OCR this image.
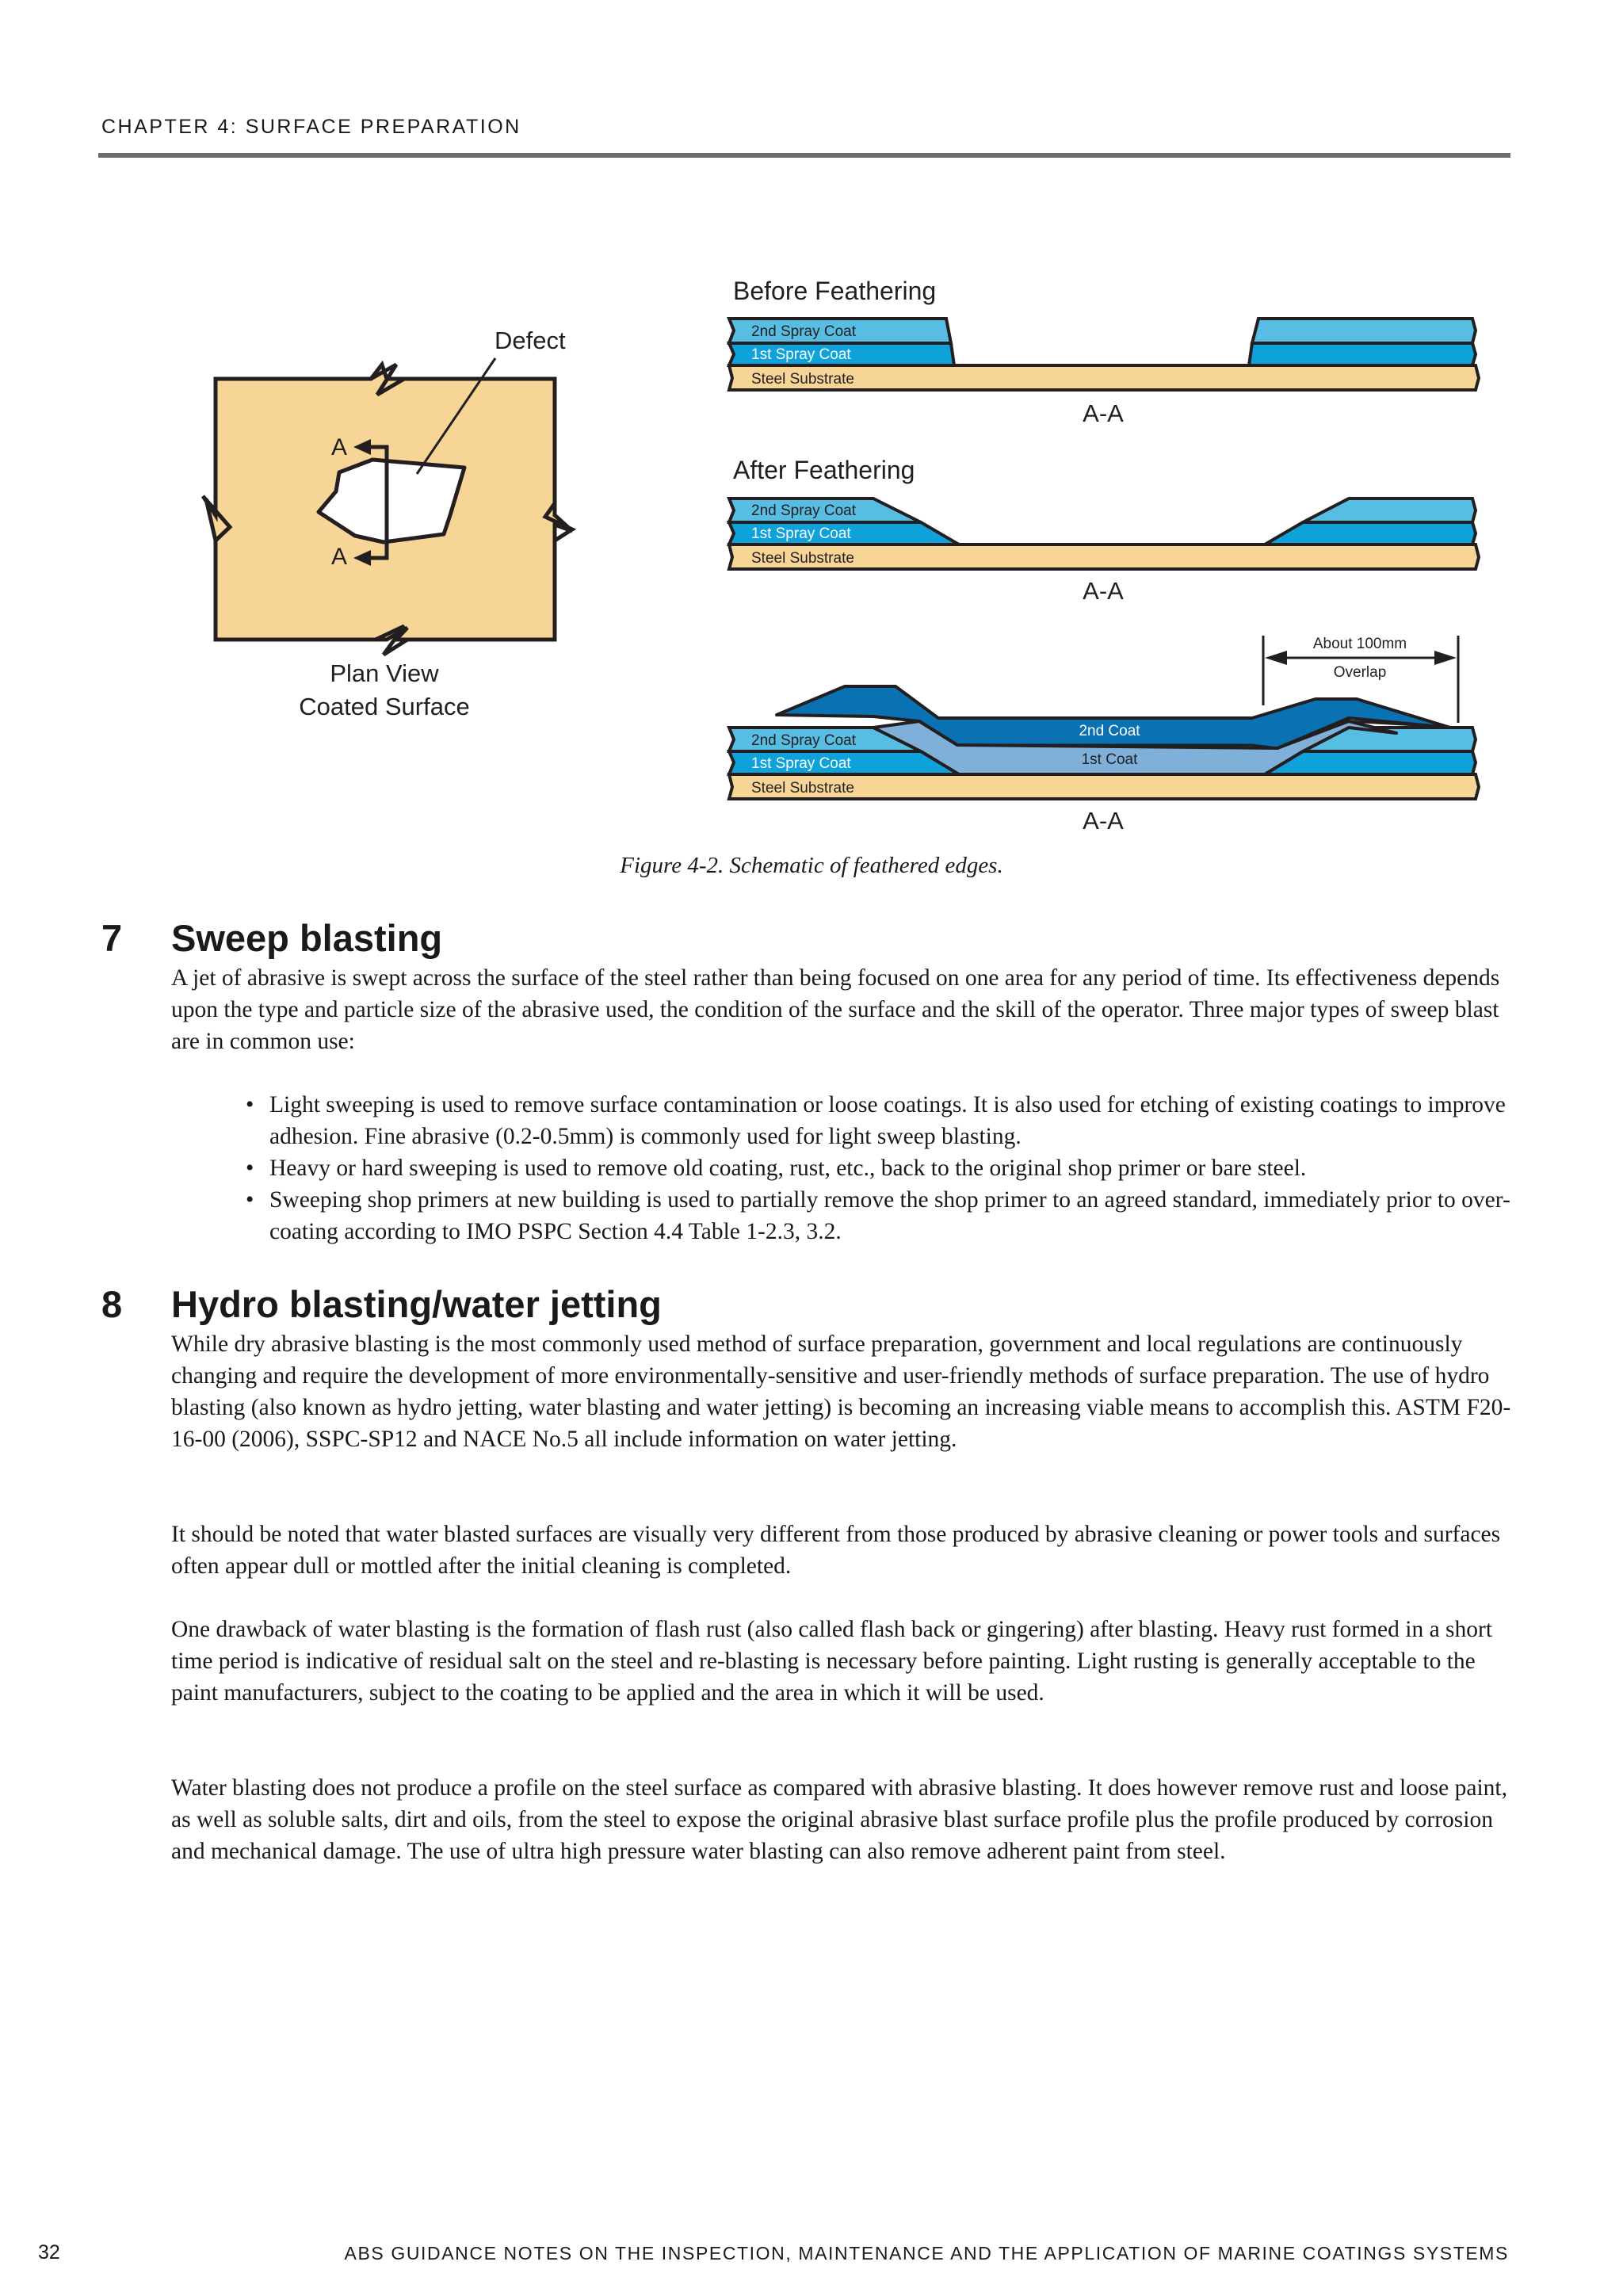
CHAPTER 4: SURFACE PREPARATION
A
A
Defect
Plan View
Coated Surface
Before Feathering
2nd Spray Coat
1st Spray Coat
Steel Substrate
A-A
After Feathering
2nd Spray Coat
1st Spray Coat
Steel Substrate
A-A
About 100mm
Overlap
2nd Coat
1st Coat
2nd Spray Coat
1st Spray Coat
Steel Substrate
A-A
Figure 4-2. Schematic of feathered edges.
7 Sweep blasting

A jet of abrasive is swept across the surface of the steel rather than being focused on one area for any period of time. Its effectiveness depends upon the type and particle size of the abrasive used, the condition of the surface and the skill of the operator. Three major types of sweep blast are in common use:

• Light sweeping is used to remove surface contamination or loose coatings. It is also used for etching of existing coatings to improve adhesion. Fine abrasive (0.2-0.5mm) is commonly used for light sweep blasting.
• Heavy or hard sweeping is used to remove old coating, rust, etc., back to the original shop primer or bare steel.
• Sweeping shop primers at new building is used to partially remove the shop primer to an agreed standard, immediately prior to over-coating according to IMO PSPC Section 4.4 Table 1-2.3, 3.2.
8 Hydro blasting/water jetting

While dry abrasive blasting is the most commonly used method of surface preparation, government and local regulations are continuously changing and require the development of more environmentally-sensitive and user-friendly methods of surface preparation. The use of hydro blasting (also known as hydro jetting, water blasting and water jetting) is becoming an increasing viable means to accomplish this. ASTM F20-16-00 (2006), SSPC-SP12 and NACE No.5 all include information on water jetting.

It should be noted that water blasted surfaces are visually very different from those produced by abrasive cleaning or power tools and surfaces often appear dull or mottled after the initial cleaning is completed.

One drawback of water blasting is the formation of flash rust (also called flash back or gingering) after blasting. Heavy rust formed in a short time period is indicative of residual salt on the steel and re-blasting is necessary before painting. Light rusting is generally acceptable to the paint manufacturers, subject to the coating to be applied and the area in which it will be used.

Water blasting does not produce a profile on the steel surface as compared with abrasive blasting. It does however remove rust and loose paint, as well as soluble salts, dirt and oils, from the steel to expose the original abrasive blast surface profile plus the profile produced by corrosion and mechanical damage. The use of ultra high pressure water blasting can also remove adherent paint from steel.

32	ABS GUIDANCE NOTES ON THE INSPECTION, MAINTENANCE AND THE APPLICATION OF MARINE COATINGS SYSTEMS
